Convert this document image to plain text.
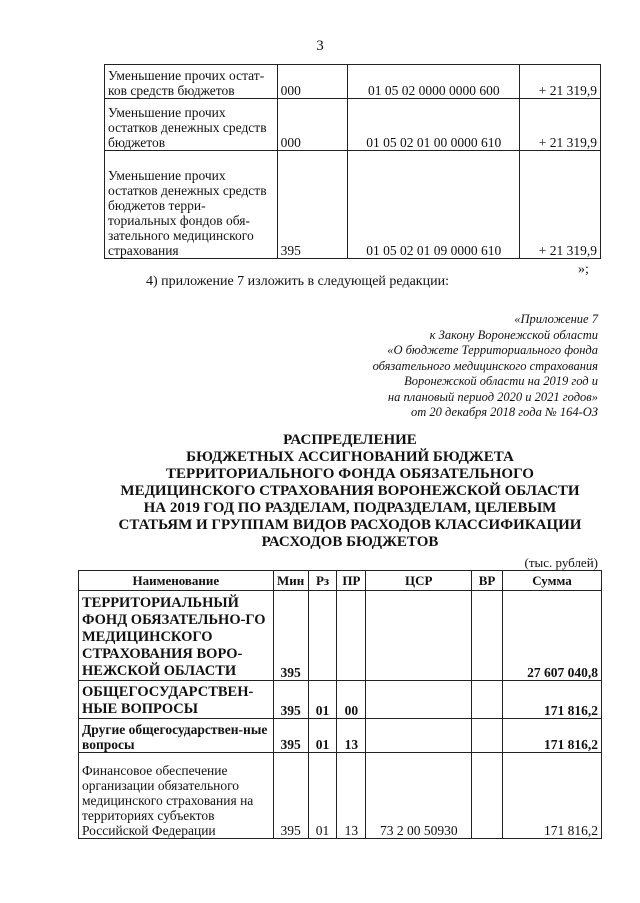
3
Уменьшение прочих остат-ков средств бюджетов	000	01 05 02 0000 0000 600	+ 21 319,9
Уменьшение прочих остатков денежных средств бюджетов	000	01 05 02 01 00 0000 610	+ 21 319,9
Уменьшение прочих остатков денежных средств бюджетов терри-ториальных фондов обя-зательного медицинского страхования	395	01 05 02 01 09 0000 610	+ 21 319,9
»;
4) приложение 7 изложить в следующей редакции:
«Приложение 7
к Закону Воронежской области
«О бюджете Территориального фонда
обязательного медицинского страхования
Воронежской области на 2019 год и
на плановый период 2020 и 2021 годов»
от 20 декабря 2018 года № 164-ОЗ
РАСПРЕДЕЛЕНИЕ
БЮДЖЕТНЫХ АССИГНОВАНИЙ БЮДЖЕТА
ТЕРРИТОРИАЛЬНОГО ФОНДА ОБЯЗАТЕЛЬНОГО
МЕДИЦИНСКОГО СТРАХОВАНИЯ ВОРОНЕЖСКОЙ ОБЛАСТИ
НА 2019 ГОД ПО РАЗДЕЛАМ, ПОДРАЗДЕЛАМ, ЦЕЛЕВЫМ
СТАТЬЯМ И ГРУППАМ ВИДОВ РАСХОДОВ КЛАССИФИКАЦИИ
РАСХОДОВ БЮДЖЕТОВ
(тыс. рублей)
Наименование	Мин	Рз	ПР	ЦСР	ВР	Сумма
ТЕРРИТОРИАЛЬНЫЙ ФОНД ОБЯЗАТЕЛЬНО-ГО МЕДИЦИНСКОГО СТРАХОВАНИЯ ВОРО-НЕЖСКОЙ ОБЛАСТИ	395					27 607 040,8
ОБЩЕГОСУДАРСТВЕН-НЫЕ ВОПРОСЫ	395	01	00			171 816,2
Другие общегосударствен-ные вопросы	395	01	13			171 816,2
Финансовое обеспечение организации обязательного медицинского страхования на территориях субъектов Российской Федерации	395	01	13	73 2 00 50930		171 816,2
